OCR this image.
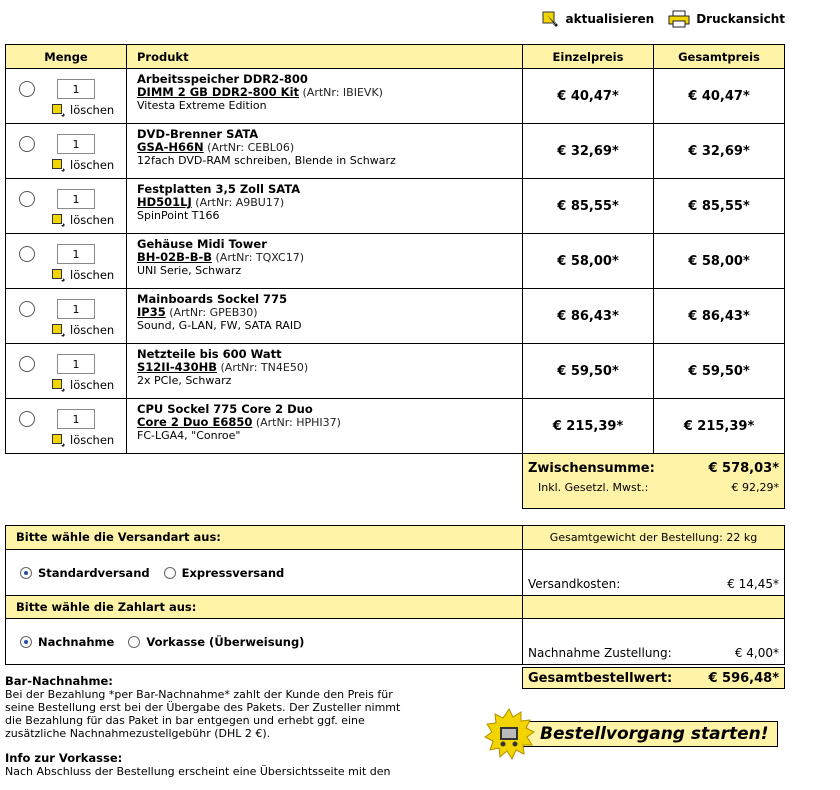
aktualisieren	Druckansicht
Menge	Produkt	Einzelpreis	Gesamtpreis

1
löschen	Arbeitsspeicher DDR2-800
DIMM 2 GB DDR2-800 Kit (ArtNr: IBIEVK)
Vitesta Extreme Edition	€ 40,47*	€ 40,47*

1
löschen	DVD-Brenner SATA
GSA-H66N (ArtNr: CEBL06)
12fach DVD-RAM schreiben, Blende in Schwarz	€ 32,69*	€ 32,69*

1
löschen	Festplatten 3,5 Zoll SATA
HD501LJ (ArtNr: A9BU17)
SpinPoint T166	€ 85,55*	€ 85,55*

1
löschen	Gehäuse Midi Tower
BH-02B-B-B (ArtNr: TQXC17)
UNI Serie, Schwarz	€ 58,00*	€ 58,00*

1
löschen	Mainboards Sockel 775
IP35 (ArtNr: GPEB30)
Sound, G-LAN, FW, SATA RAID	€ 86,43*	€ 86,43*

1
löschen	Netzteile bis 600 Watt
S12II-430HB (ArtNr: TN4E50)
2x PCIe, Schwarz	€ 59,50*	€ 59,50*

1
löschen	CPU Sockel 775 Core 2 Duo
Core 2 Duo E6850 (ArtNr: HPHI37)
FC-LGA4, "Conroe"	€ 215,39*	€ 215,39*
Zwischensumme:	€ 578,03*
Inkl. Gesetzl. Mwst.:	€ 92,29*
Bitte wähle die Versandart aus:
Standardversand	Expressversand
Bitte wähle die Zahlart aus:
Nachnahme	Vorkasse (Überweisung)
Gesamtgewicht der Bestellung: 22 kg
Versandkosten:	€ 14,45*

Nachnahme Zustellung:	€ 4,00*
Gesamtbestellwert:	€ 596,48*
Bar-Nachnahme:

Bei der Bezahlung *per Bar-Nachnahme* zahlt der Kunde den Preis für seine Bestellung erst bei der Übergabe des Pakets. Der Zusteller nimmt die Bezahlung für das Paket in bar entgegen und erhebt ggf. eine zusätzliche Nachnahmezustellgebühr (DHL 2 €).

Info zur Vorkasse:

Nach Abschluss der Bestellung erscheint eine Übersichtsseite mit den

Bestellvorgang starten!
